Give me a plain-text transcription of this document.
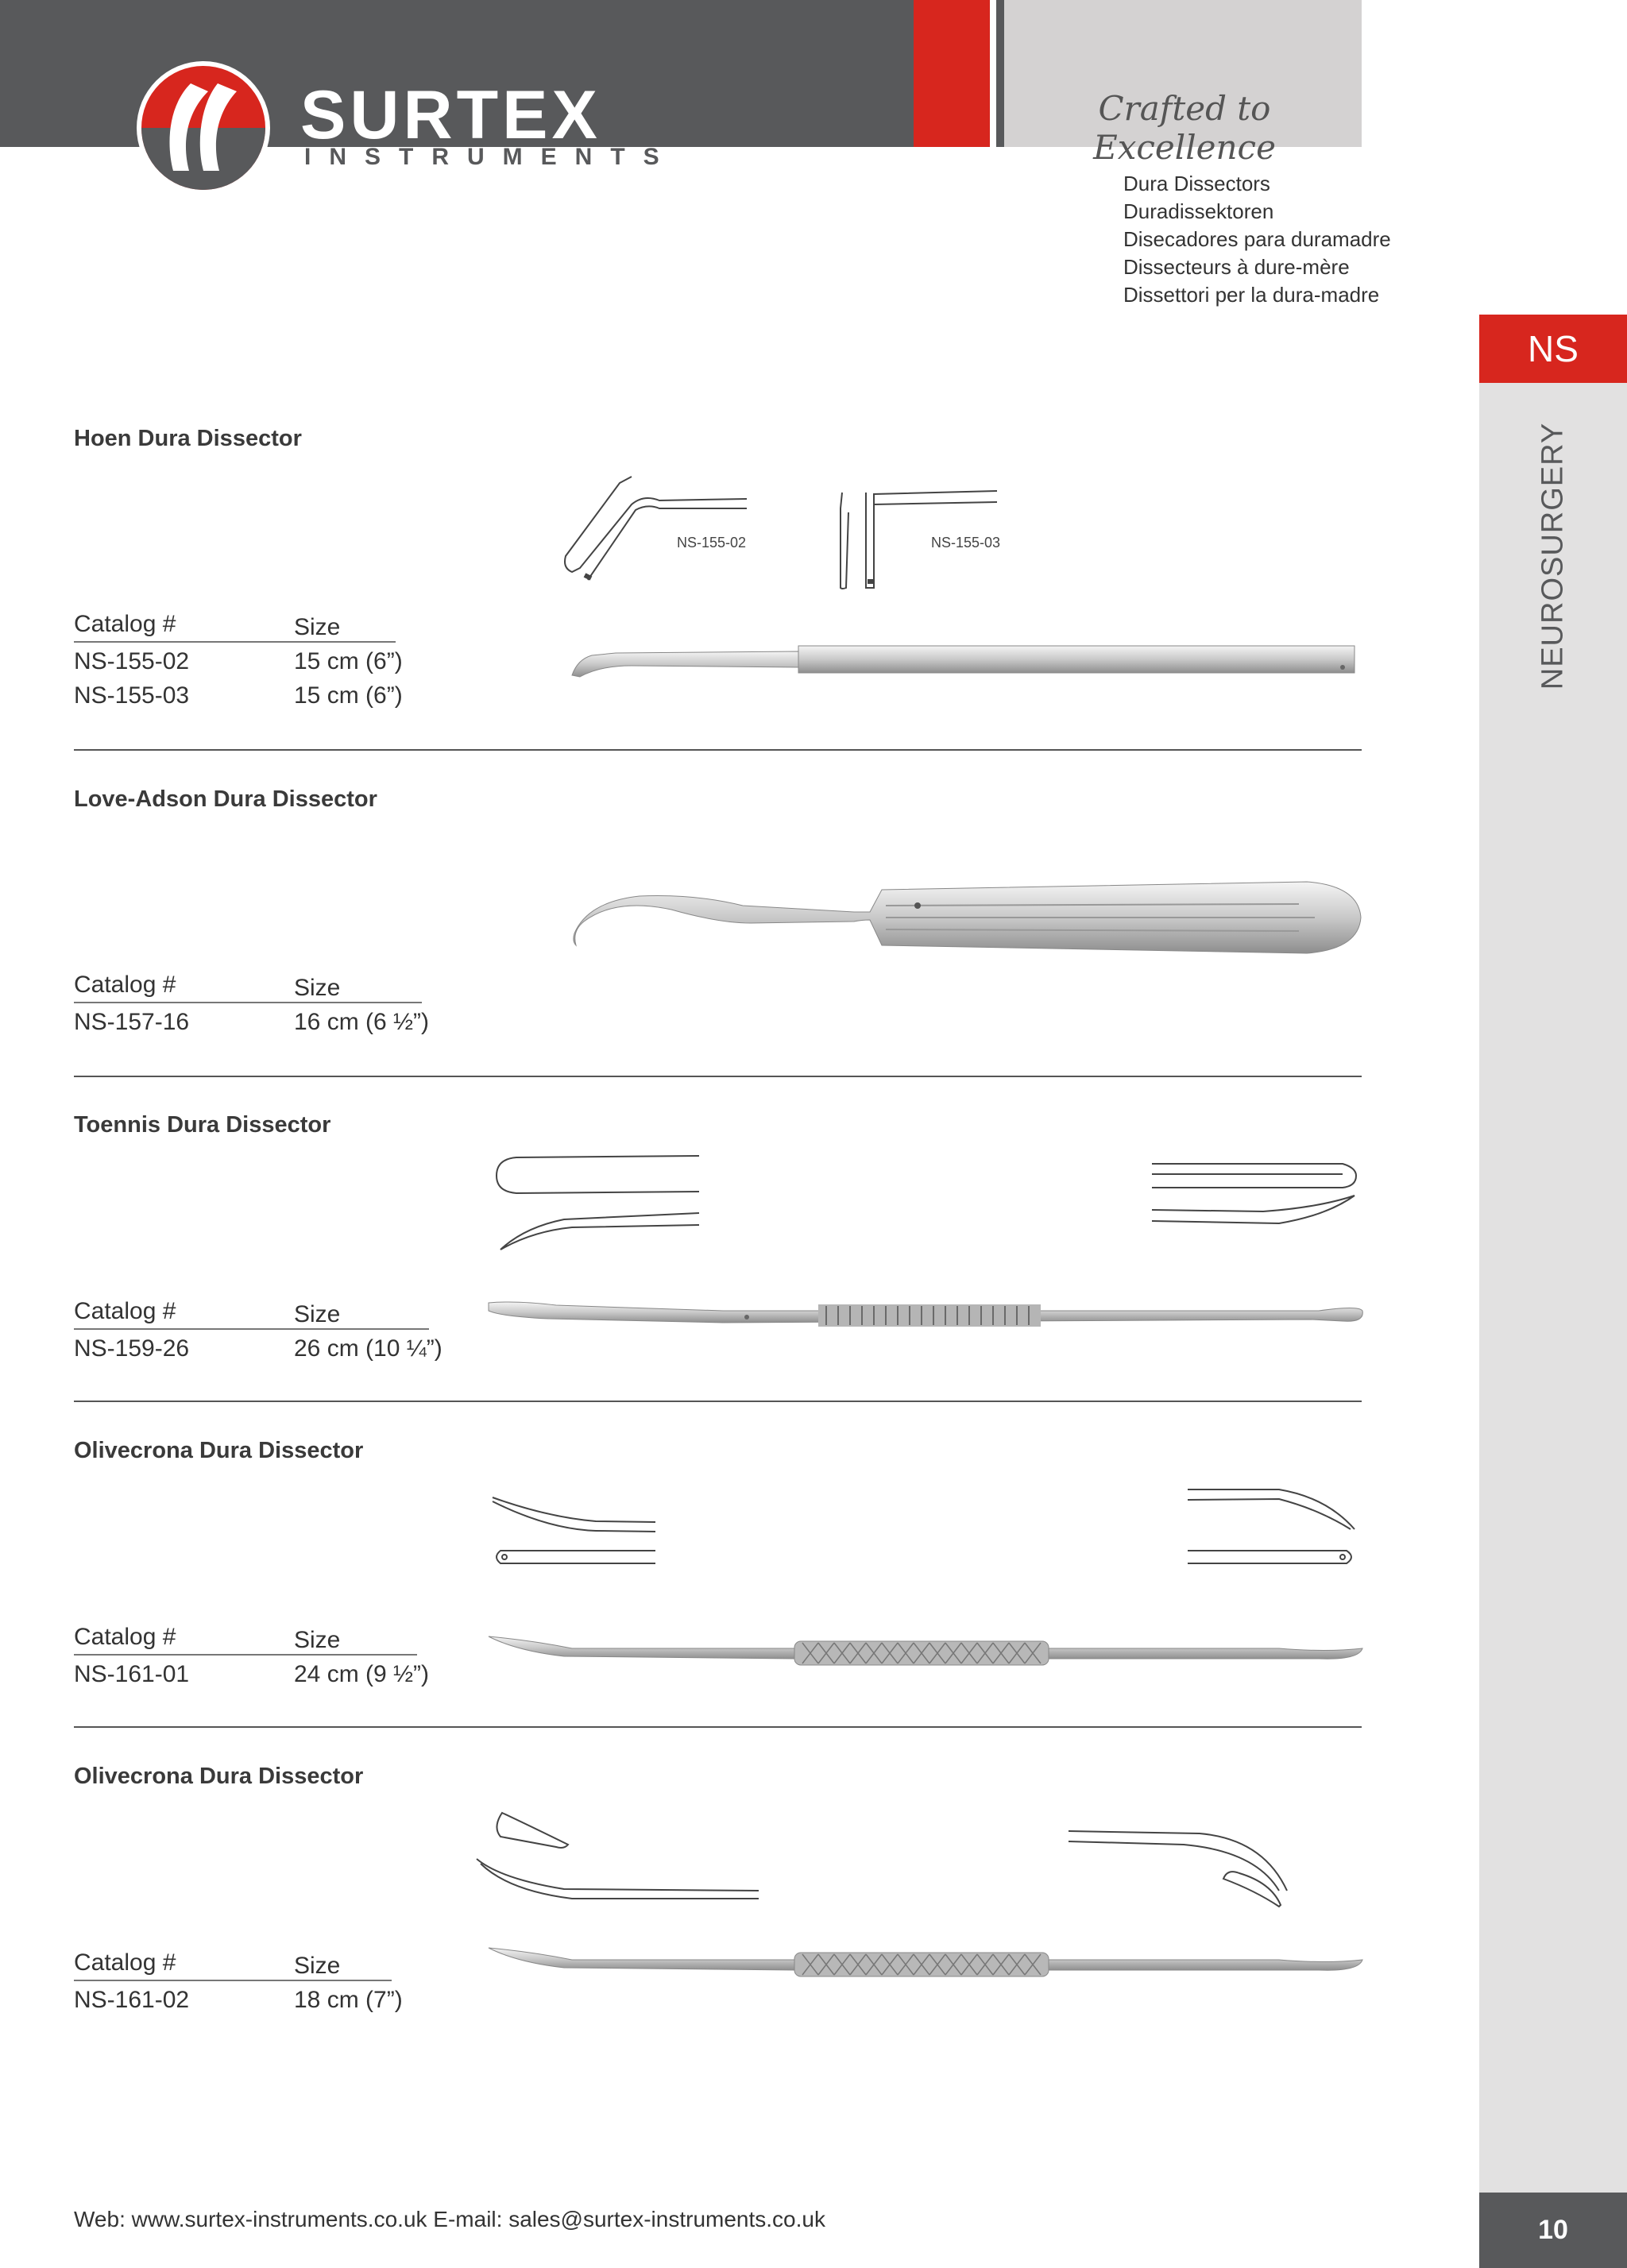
Crafted to Excellence
SURTEX
INSTRUMENTS
Dura Dissectors
Duradissektoren
Disecadores para duramadre
Dissecteurs à dure-mère
Dissettori per la dura-madre
NS
NEUROSURGERY
10
Hoen Dura Dissector
NS-155-02	NS-155-03
Catalog #	Size
NS-155-02	15 cm (6”)
NS-155-03	15 cm (6”)
Love-Adson Dura Dissector
Catalog #	Size
NS-157-16	16 cm (6 ½”)
Toennis Dura Dissector
Catalog #	Size
NS-159-26	26 cm (10 ¼”)
Olivecrona Dura Dissector
Catalog #	Size
NS-161-01	24 cm (9 ½”)
Olivecrona Dura Dissector
Catalog #	Size
NS-161-02	18 cm (7”)
Web: www.surtex-instruments.co.uk E-mail: sales@surtex-instruments.co.uk
